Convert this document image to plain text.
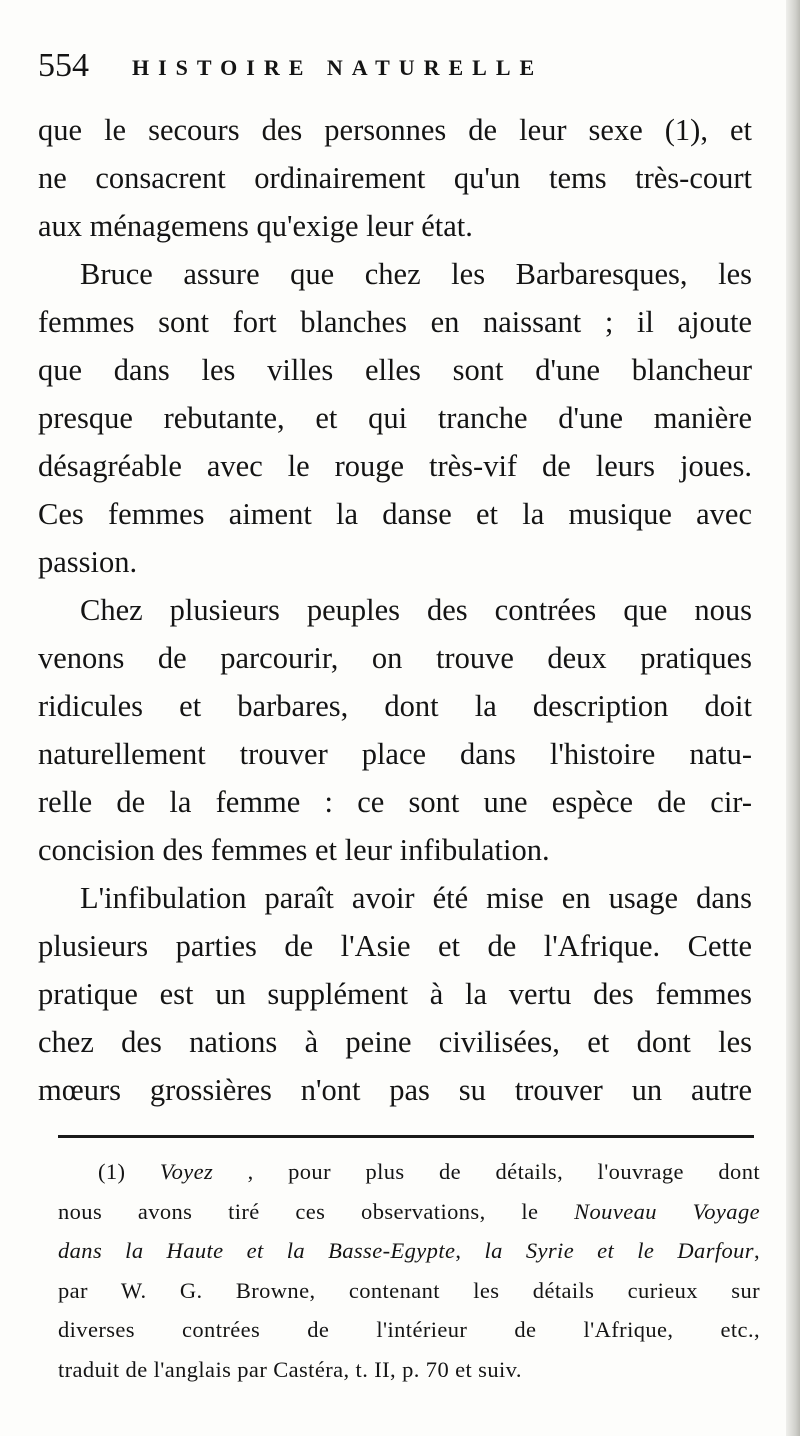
554 HISTOIRE NATURELLE
que le secours des personnes de leur sexe (1), et
ne consacrent ordinairement qu'un tems très-court
aux ménagemens qu'exige leur état.
Bruce assure que chez les Barbaresques, les
femmes sont fort blanches en naissant ; il ajoute
que dans les villes elles sont d'une blancheur
presque rebutante, et qui tranche d'une manière
désagréable avec le rouge très-vif de leurs joues.
Ces femmes aiment la danse et la musique avec
passion.
Chez plusieurs peuples des contrées que nous
venons de parcourir, on trouve deux pratiques
ridicules et barbares, dont la description doit
naturellement trouver place dans l'histoire natu-
relle de la femme : ce sont une espèce de cir-
concision des femmes et leur infibulation.
L'infibulation paraît avoir été mise en usage dans
plusieurs parties de l'Asie et de l'Afrique. Cette
pratique est un supplément à la vertu des femmes
chez des nations à peine civilisées, et dont les
mœurs grossières n'ont pas su trouver un autre
(1) Voyez , pour plus de détails, l'ouvrage dont
nous avons tiré ces observations, le Nouveau Voyage
dans la Haute et la Basse-Egypte, la Syrie et le Darfour,
par W. G. Browne, contenant les détails curieux sur
diverses contrées de l'intérieur de l'Afrique, etc.,
traduit de l'anglais par Castéra, t. II, p. 70 et suiv.
